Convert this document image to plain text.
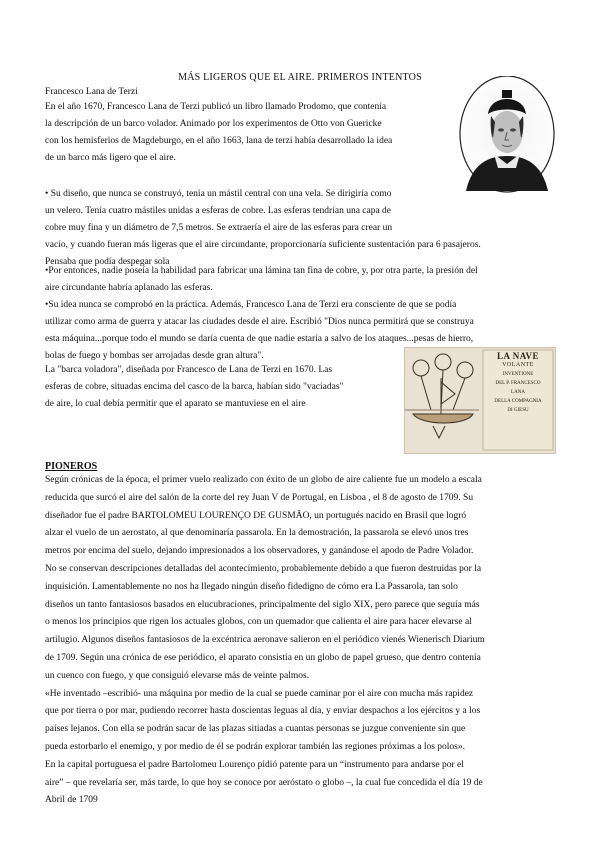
MÁS LIGEROS QUE EL AIRE. PRIMEROS INTENTOS
Francesco Lana de Terzi
En el año 1670, Francesco Lana de Terzi publicó un libro llamado Prodomo, que contenía
la descripción de un barco volador. Animado por los experimentos de Otto von Guericke
con los hemisferios de Magdeburgo, en el año 1663, lana de terzi había desarrollado la idea
de un barco más ligero que el aire.
• Su diseño, que nunca se construyó, tenía un mástil central con una vela. Se dirigiría como
un velero. Tenía cuatro mástiles unidas a esferas de cobre. Las esferas tendrían una capa de
cobre muy fina y un diámetro de 7,5 metros. Se extraería el aire de las esferas para crear un
vacío, y cuando fueran más ligeras que el aire circundante, proporcionaría suficiente sustentación para 6 pasajeros.
Pensaba que podía despegar sola
•Por entonces, nadie poseía la habilidad para fabricar una lámina tan fina de cobre, y, por otra parte, la presión del
aire circundante habría aplanado las esferas.
•Su idea nunca se comprobó en la práctica. Además, Francesco Lana de Terzi era consciente de que se podía
utilizar como arma de guerra y atacar las ciudades desde el aire. Escribió "Dios nunca permitirá que se construya
esta máquina...porque todo el mundo se daría cuenta de que nadie estaría a salvo de los ataques...pesas de hierro,
bolas de fuego y bombas ser arrojadas desde gran altura".
La "barca voladora", diseñada por Francesco de Lana de Terzi en 1670. Las
esferas de cobre, situadas encima del casco de la barca, habían sido "vaciadas"
de aire, lo cual debía permitir que el aparato se mantuviese en el aire
LA NAVE
VOLANTE
INVENTIONE
DEL P. FRANCESCO
LANA
DELLA COMPAGNIA
DI GIESU
PIONEROS
Según crónicas de la época, el primer vuelo realizado con éxito de un globo de aire caliente fue un modelo a escala
reducida que surcó el aire del salón de la corte del rey Juan V de Portugal, en Lisboa , el 8 de agosto de 1709. Su
diseñador fue el padre BARTOLOMEU LOURENÇO DE GUSMÃO, un portugués nacido en Brasil que logró
alzar el vuelo de un aerostato, al que denominaría passarola. En la demostración, la passarola se elevó unos tres
metros por encima del suelo, dejando impresionados a los observadores, y ganándose el apodo de Padre Volador.
No se conservan descripciones detalladas del acontecimiento, probablemente debido a que fueron destruidas por la
inquisición. Lamentablemente no nos ha llegado ningún diseño fidedigno de cómo era La Passarola, tan solo
diseños un tanto fantasiosos basados en elucubraciones, principalmente del siglo XIX, pero parece que seguía más
o menos los principios que rigen los actuales globos, con un quemador que calienta el aire para hacer elevarse al
artilugio. Algunos diseños fantasiosos de la excéntrica aeronave salieron en el periódico vienés Wienerisch Diarium
de 1709. Según una crónica de ese periódico, el aparato consistía en un globo de papel grueso, que dentro contenía
un cuenco con fuego, y que consiguió elevarse más de veinte palmos.
«He inventado –escribió- una máquina por medio de la cual se puede caminar por el aire con mucha más rapidez
que por tierra o por mar, pudiendo recorrer hasta doscientas leguas al día, y enviar despachos a los ejércitos y a los
países lejanos. Con ella se podrán sacar de las plazas sitiadas a cuantas personas se juzgue conveniente sin que
pueda estorbarlo el enemigo, y por medio de él se podrán explorar también las regiones próximas a los polos».
En la capital portuguesa el padre Bartolomeu Lourenço pidió patente para un “instrumento para andarse por el
aire” – que revelaría ser, más tarde, lo que hoy se conoce por aeróstato o globo –, la cual fue concedida el día 19 de
Abril de 1709
